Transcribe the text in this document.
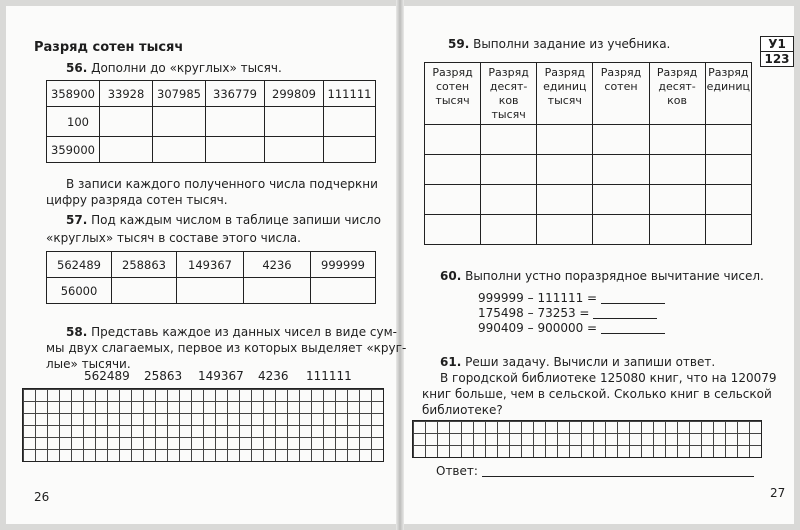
Разряд сотен тысяч
56. Дополни до «круглых» тысяч.
358900	33928	307985	336779	299809	111111
100					
359000					
В записи каждого полученного числа подчеркни
цифру разряда сотен тысяч.
57. Под каждым числом в таблице запиши число
«круглых» тысяч в составе этого числа.
562489	258863	149367	4236	999999
56000				
58. Представь каждое из данных чисел в виде сум-
мы двух слагаемых, первое из которых выделяет «круг-
лые» тысячи.
562489 25863 149367 4236 111111
26
59. Выполни задание из учебника.	У1
123
Разряд
сотен
тысяч	Разряд
десят-
ков
тысяч	Разряд
единиц
тысяч	Разряд
сотен	Разряд
десят-
ков	Разряд
единиц

60. Выполни устно поразрядное вычитание чисел.
999999 – 111111 =
175498 – 73253 =
990409 – 900000 =
61. Реши задачу. Вычисли и запиши ответ.
В городской библиотеке 125080 книг, что на 120079
книг больше, чем в сельской. Сколько книг в сельской
библиотеке?
Ответ:
27
